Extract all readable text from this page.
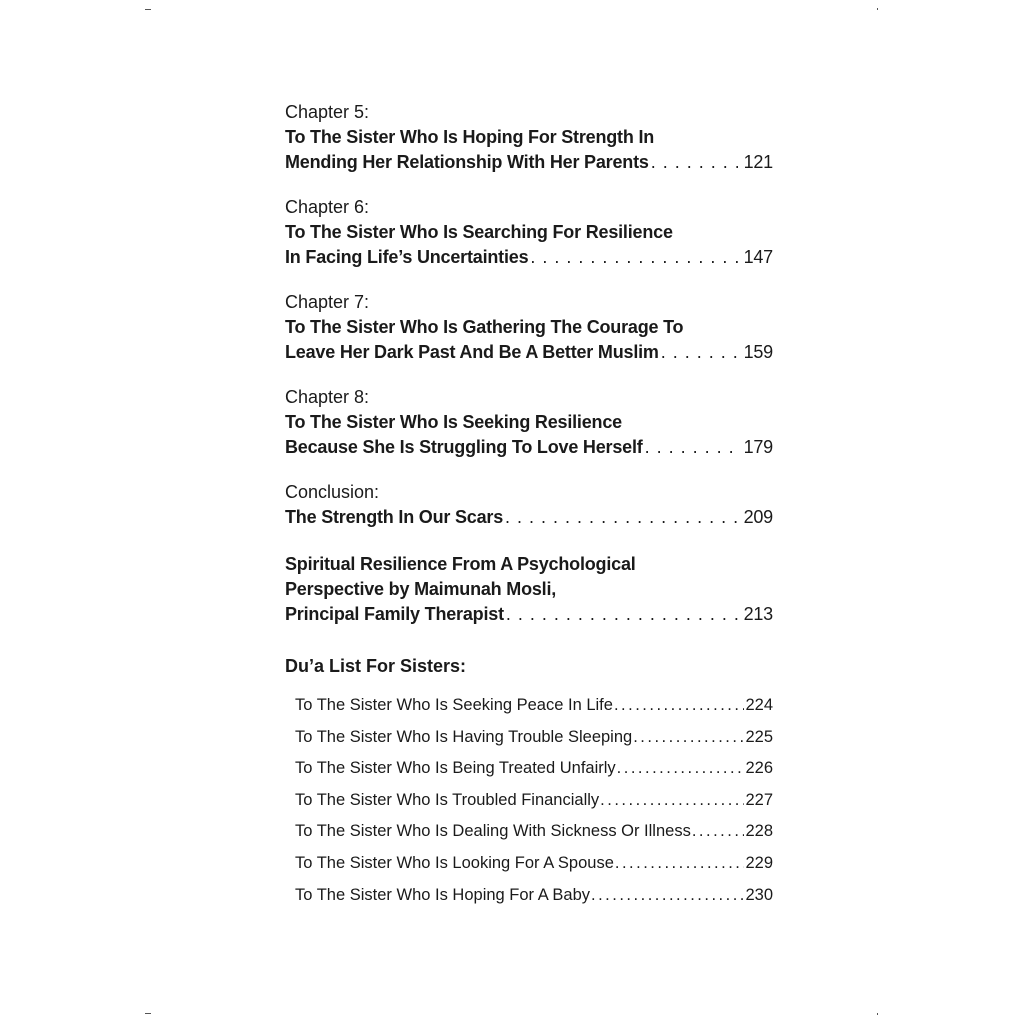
Chapter 5:
To The Sister Who Is Hoping For Strength In
Mending Her Relationship With Her Parents . . .	121
Chapter 6:
To The Sister Who Is Searching For Resilience
In Facing Life’s Uncertainties . . .	147
Chapter 7:
To The Sister Who Is Gathering The Courage To
Leave Her Dark Past And Be A Better Muslim . . .	159
Chapter 8:
To The Sister Who Is Seeking Resilience
Because She Is Struggling To Love Herself . . .	179
Conclusion:
The Strength In Our Scars . . .	209
Spiritual Resilience From A Psychological
Perspective by Maimunah Mosli,
Principal Family Therapist . . .	213
Du’a List For Sisters:
To The Sister Who Is Seeking Peace In Life .....	224
To The Sister Who Is Having Trouble Sleeping .....	225
To The Sister Who Is Being Treated Unfairly .....	226
To The Sister Who Is Troubled Financially .....	227
To The Sister Who Is Dealing With Sickness Or Illness .....	228
To The Sister Who Is Looking For A Spouse .....	229
To The Sister Who Is Hoping For A Baby .....	230
